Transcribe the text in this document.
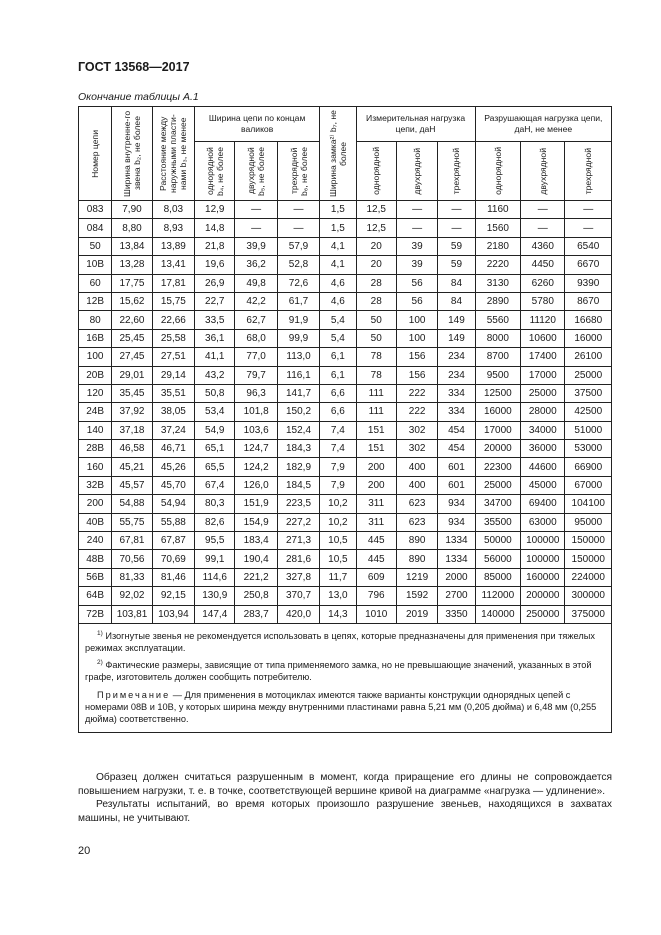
ГОСТ 13568—2017
Окончание таблицы А.1
Номер цепи	Ширина внутренне-го звена b₂, не более	Расстояние между наружными пласти-нами b₃, не менее	Ширина цепи по концам валиков			Ширина замка²⁾ b₇, не более	Измерительная нагрузка цепи, даН			Разрушающая нагрузка цепи, даН, не менее		

			однорядной b₄, не более	двухрядной b₅, не более	трехрядной b₆, не более		однорядной	двухрядной	трехрядной	однорядной	двухрядной	трехрядной

083	7,90	8,03	12,9	—	—	1,5	12,5	—	—	1160	—	—
084	8,80	8,93	14,8	—	—	1,5	12,5	—	—	1560	—	—
50	13,84	13,89	21,8	39,9	57,9	4,1	20	39	59	2180	4360	6540
10B	13,28	13,41	19,6	36,2	52,8	4,1	20	39	59	2220	4450	6670
60	17,75	17,81	26,9	49,8	72,6	4,6	28	56	84	3130	6260	9390
12B	15,62	15,75	22,7	42,2	61,7	4,6	28	56	84	2890	5780	8670
80	22,60	22,66	33,5	62,7	91,9	5,4	50	100	149	5560	11120	16680
16B	25,45	25,58	36,1	68,0	99,9	5,4	50	100	149	8000	10600	16000
100	27,45	27,51	41,1	77,0	113,0	6,1	78	156	234	8700	17400	26100
20B	29,01	29,14	43,2	79,7	116,1	6,1	78	156	234	9500	17000	25000
120	35,45	35,51	50,8	96,3	141,7	6,6	111	222	334	12500	25000	37500
24B	37,92	38,05	53,4	101,8	150,2	6,6	111	222	334	16000	28000	42500
140	37,18	37,24	54,9	103,6	152,4	7,4	151	302	454	17000	34000	51000
28B	46,58	46,71	65,1	124,7	184,3	7,4	151	302	454	20000	36000	53000
160	45,21	45,26	65,5	124,2	182,9	7,9	200	400	601	22300	44600	66900
32B	45,57	45,70	67,4	126,0	184,5	7,9	200	400	601	25000	45000	67000
200	54,88	54,94	80,3	151,9	223,5	10,2	311	623	934	34700	69400	104100
40B	55,75	55,88	82,6	154,9	227,2	10,2	311	623	934	35500	63000	95000
240	67,81	67,87	95,5	183,4	271,3	10,5	445	890	1334	50000	100000	150000
48B	70,56	70,69	99,1	190,4	281,6	10,5	445	890	1334	56000	100000	150000
56B	81,33	81,46	114,6	221,2	327,8	11,7	609	1219	2000	85000	160000	224000
64B	92,02	92,15	130,9	250,8	370,7	13,0	796	1592	2700	112000	200000	300000
72B	103,81	103,94	147,4	283,7	420,0	14,3	1010	2019	3350	140000	250000	375000

$^{1)}$ Изогнутые звенья не рекомендуется использовать в цепях, которые предназначены для применения при тяжелых режимах эксплуатации.

$^{2)}$ Фактические размеры, зависящие от типа применяемого замка, но не превышающие значений, указанных в этой графе, изготовитель должен сообщить потребителю.

Примечание — Для применения в мотоциклах имеются также варианты конструкции однорядных цепей с номерами 08B и 10B, у которых ширина между внутренними пластинами равна 5,21 мм (0,205 дюйма) и 6,48 мм (0,255 дюйма) соответственно.												

Образец должен считаться разрушенным в момент, когда приращение его длины не сопровождается повышением нагрузки, т. е. в точке, соответствующей вершине кривой на диаграмме «нагрузка — удлинение».

Результаты испытаний, во время которых произошло разрушение звеньев, находящихся в захватах машины, не учитывают.

20
